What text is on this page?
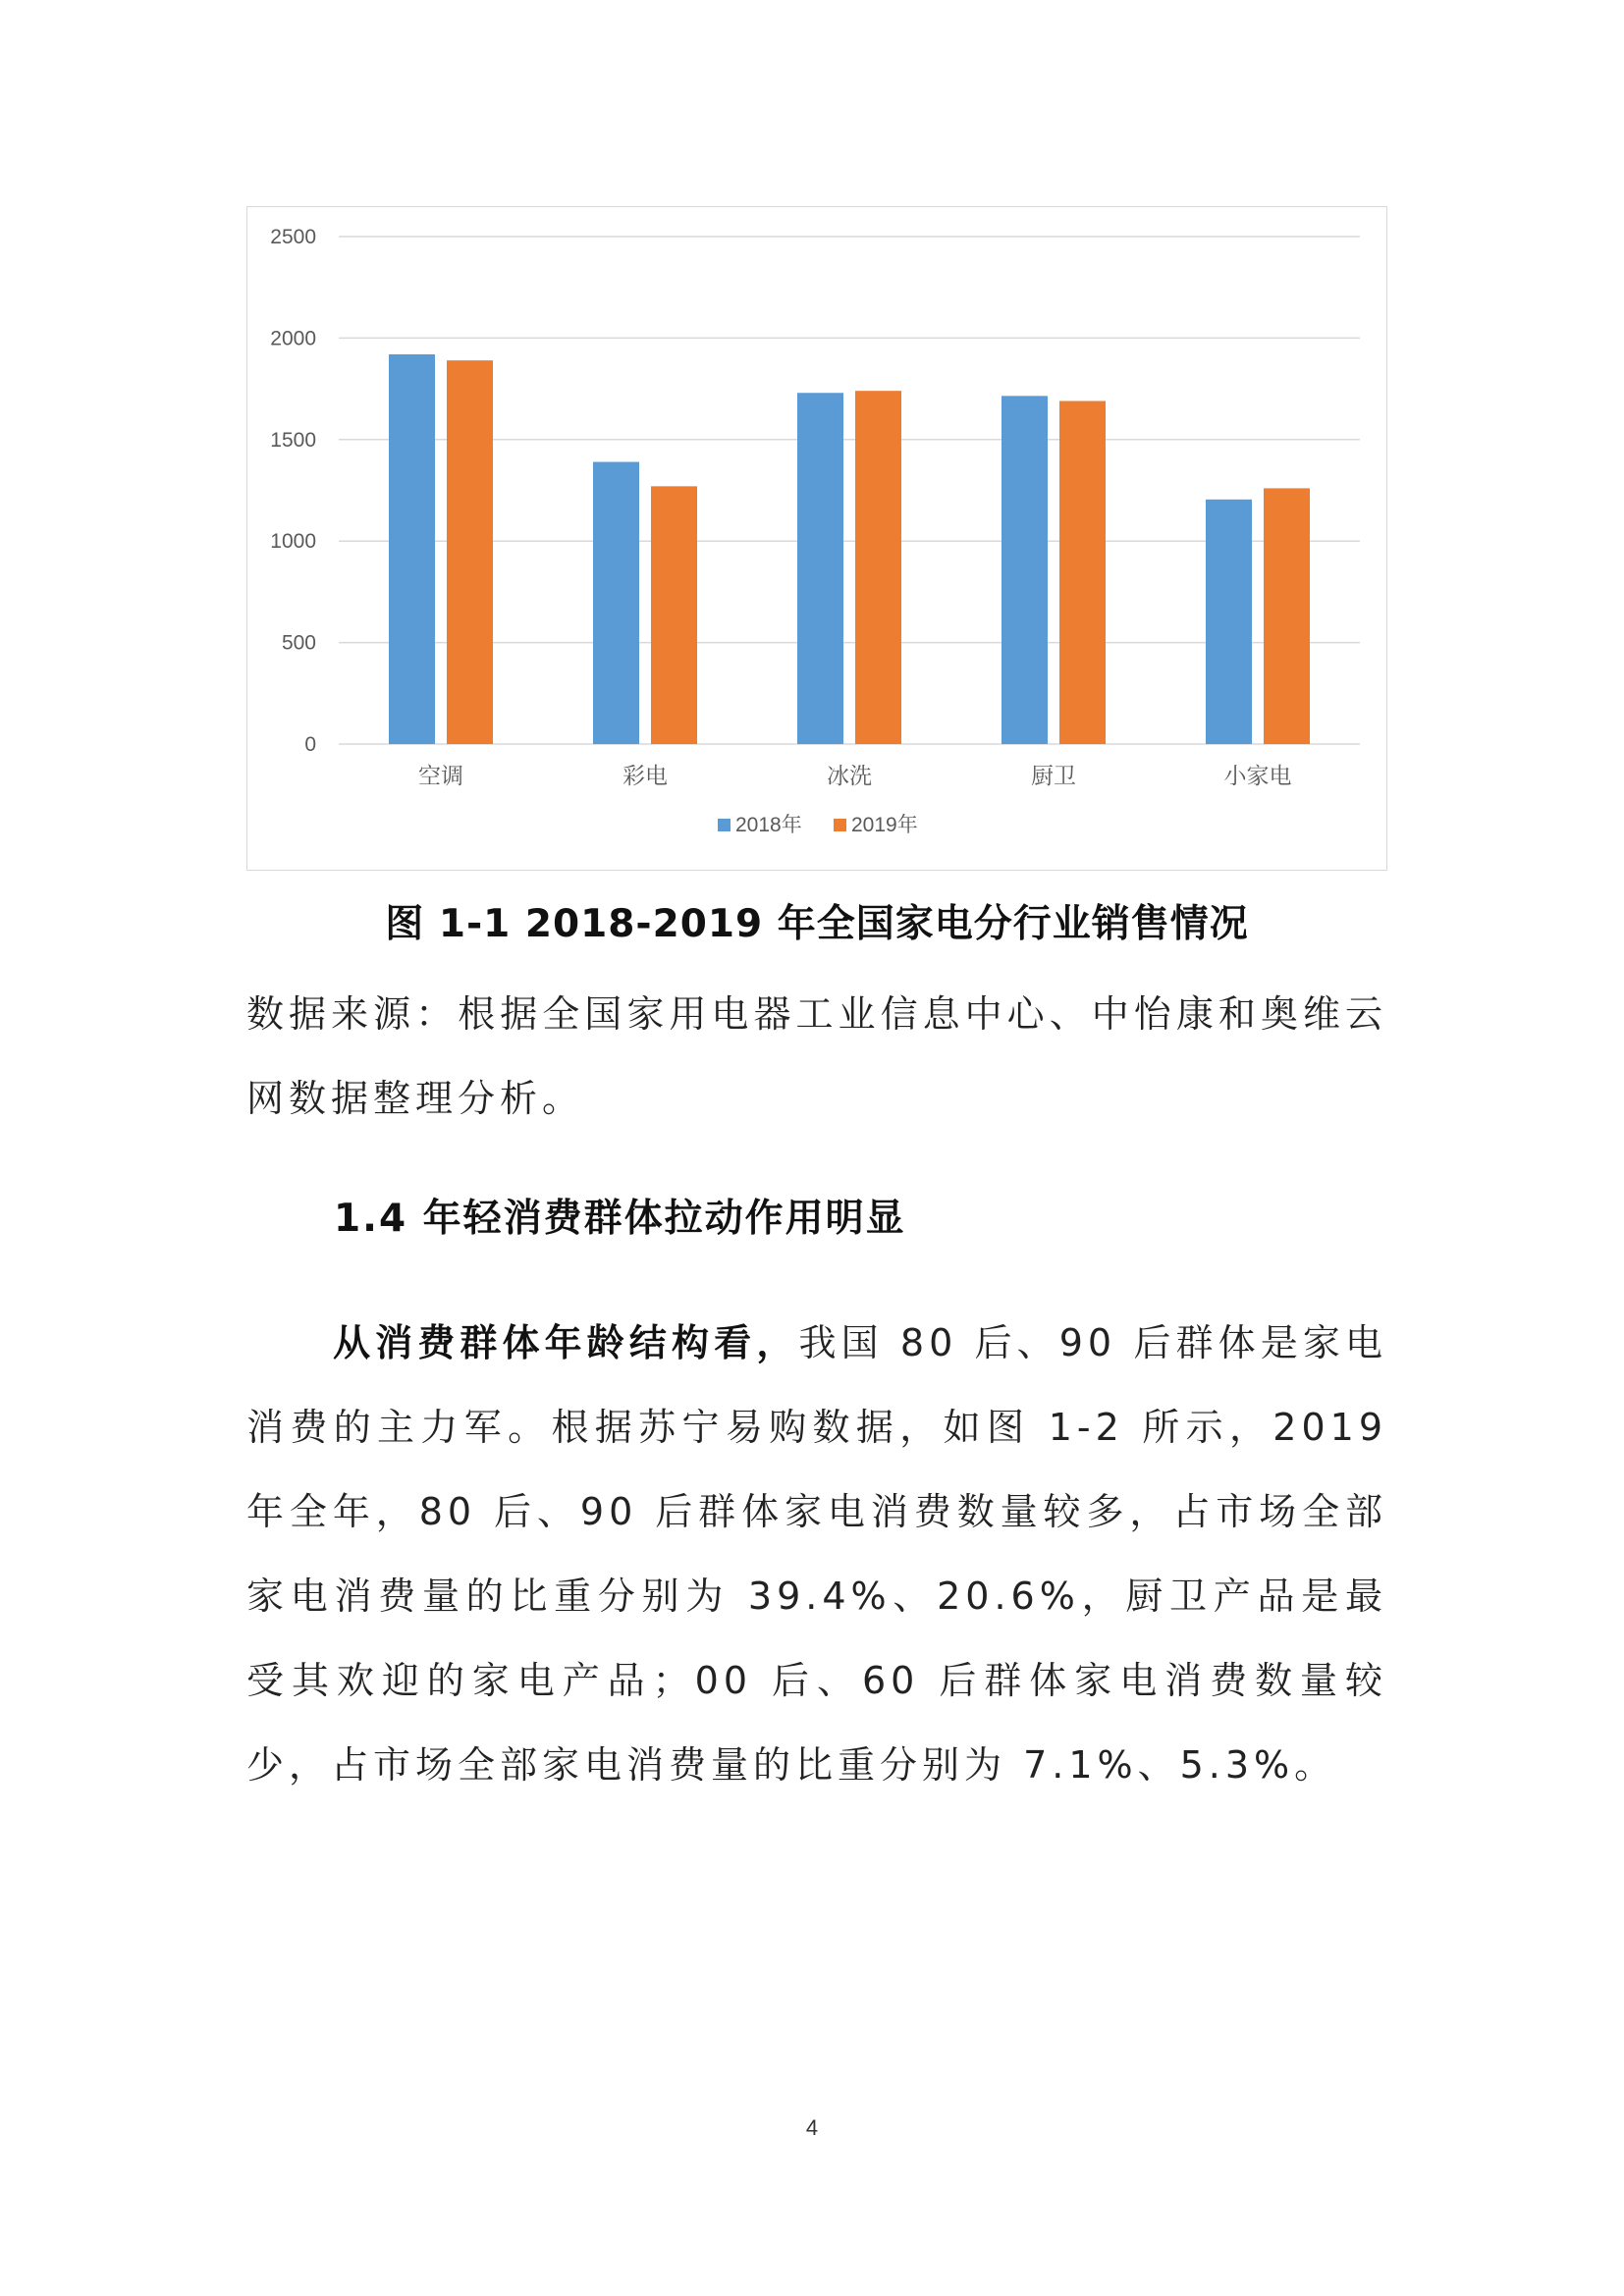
0
500
1000
1500
2000
2500
空调	彩电	冰洗	厨卫	小家电
2018年 2019年
图 1-1 2018-2019 年全国家电分行业销售情况
数据来源：根据全国家用电器工业信息中心、中怡康和奥维云网数据整理分析。
1.4 年轻消费群体拉动作用明显
从消费群体年龄结构看，我国 80 后、90 后群体是家电消费的主力军。根据苏宁易购数据，如图 1-2 所示，2019 年全年，80 后、90 后群体家电消费数量较多，占市场全部家电消费量的比重分别为 39.4%、20.6%，厨卫产品是最受其欢迎的家电产品；00 后、60 后群体家电消费数量较少，占市场全部家电消费量的比重分别为 7.1%、5.3%。
4
